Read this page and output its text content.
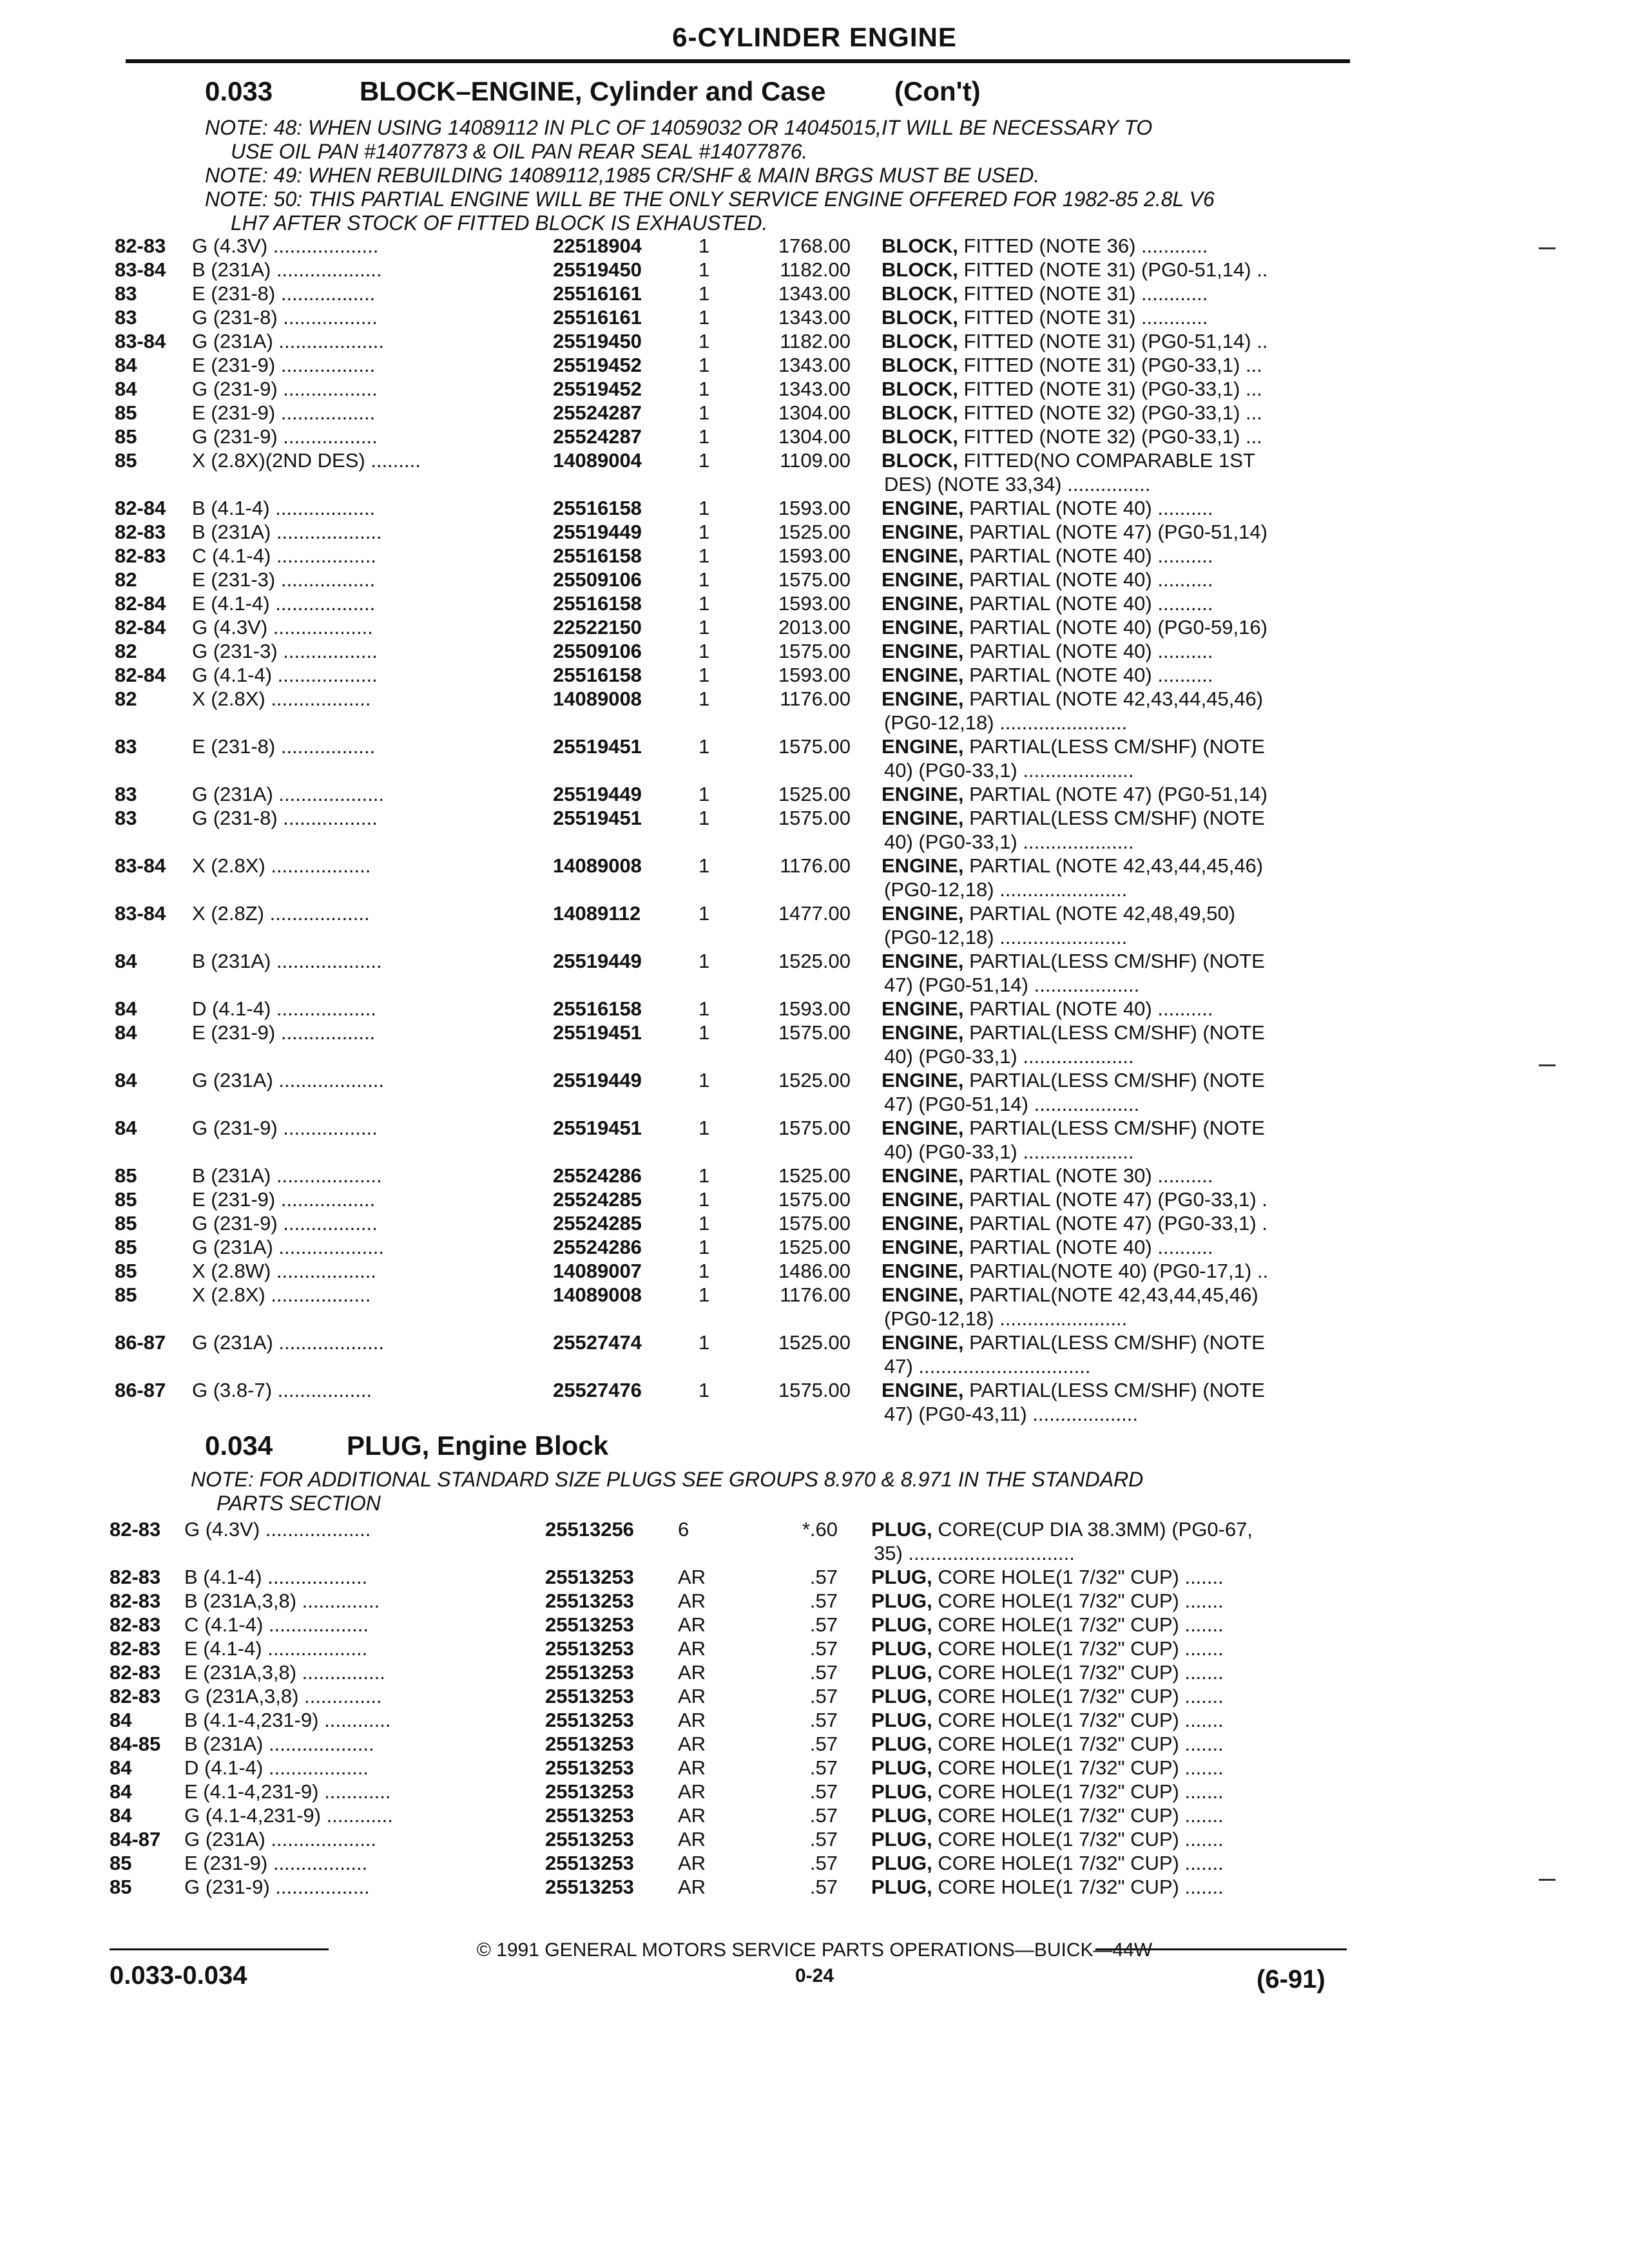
6-CYLINDER ENGINE
0.033	BLOCK–ENGINE, Cylinder and Case	(Con't)
NOTE: 48: WHEN USING 14089112 IN PLC OF 14059032 OR 14045015,IT WILL BE NECESSARY TO
USE OIL PAN #14077873 & OIL PAN REAR SEAL #14077876.
NOTE: 49: WHEN REBUILDING 14089112,1985 CR/SHF & MAIN BRGS MUST BE USED.
NOTE: 50: THIS PARTIAL ENGINE WILL BE THE ONLY SERVICE ENGINE OFFERED FOR 1982-85 2.8L V6
LH7 AFTER STOCK OF FITTED BLOCK IS EXHAUSTED.
82-83 G (4.3V) ...................	22518904	1	1768.00 BLOCK, FITTED (NOTE 36) ............
83-84 B (231A) ...................	25519450	1	1182.00 BLOCK, FITTED (NOTE 31) (PG0-51,14) ..
83	E (231-8) .................	25516161	1	1343.00 BLOCK, FITTED (NOTE 31) ............
83	G (231-8) .................	25516161	1	1343.00 BLOCK, FITTED (NOTE 31) ............
83-84 G (231A) ...................	25519450	1	1182.00 BLOCK, FITTED (NOTE 31) (PG0-51,14) ..
84	E (231-9) .................	25519452	1	1343.00 BLOCK, FITTED (NOTE 31) (PG0-33,1) ...
84	G (231-9) .................	25519452	1	1343.00 BLOCK, FITTED (NOTE 31) (PG0-33,1) ...
85	E (231-9) .................	25524287	1	1304.00 BLOCK, FITTED (NOTE 32) (PG0-33,1) ...
85	G (231-9) .................	25524287	1	1304.00 BLOCK, FITTED (NOTE 32) (PG0-33,1) ...
85	X (2.8X)(2ND DES) .........	14089004	1	1109.00 BLOCK, FITTED(NO COMPARABLE 1ST
DES) (NOTE 33,34) ...............
82-84 B (4.1-4) ..................	25516158	1	1593.00 ENGINE, PARTIAL (NOTE 40) ..........
82-83 B (231A) ...................	25519449	1	1525.00 ENGINE, PARTIAL (NOTE 47) (PG0-51,14)
82-83 C (4.1-4) ..................	25516158	1	1593.00 ENGINE, PARTIAL (NOTE 40) ..........
82	E (231-3) .................	25509106	1	1575.00 ENGINE, PARTIAL (NOTE 40) ..........
82-84 E (4.1-4) ..................	25516158	1	1593.00 ENGINE, PARTIAL (NOTE 40) ..........
82-84 G (4.3V) ..................	22522150	1	2013.00 ENGINE, PARTIAL (NOTE 40) (PG0-59,16)
82	G (231-3) .................	25509106	1	1575.00 ENGINE, PARTIAL (NOTE 40) ..........
82-84 G (4.1-4) ..................	25516158	1	1593.00 ENGINE, PARTIAL (NOTE 40) ..........
82	X (2.8X) ..................	14089008	1	1176.00 ENGINE, PARTIAL (NOTE 42,43,44,45,46)
(PG0-12,18) .......................
83	E (231-8) .................	25519451	1	1575.00 ENGINE, PARTIAL(LESS CM/SHF) (NOTE
40) (PG0-33,1) ....................
83	G (231A) ...................	25519449	1	1525.00 ENGINE, PARTIAL (NOTE 47) (PG0-51,14)
83	G (231-8) .................	25519451	1	1575.00 ENGINE, PARTIAL(LESS CM/SHF) (NOTE
40) (PG0-33,1) ....................
83-84 X (2.8X) ..................	14089008	1	1176.00 ENGINE, PARTIAL (NOTE 42,43,44,45,46)
(PG0-12,18) .......................
83-84 X (2.8Z) ..................	14089112	1	1477.00 ENGINE, PARTIAL (NOTE 42,48,49,50)
(PG0-12,18) .......................
84	B (231A) ...................	25519449	1	1525.00 ENGINE, PARTIAL(LESS CM/SHF) (NOTE
47) (PG0-51,14) ...................
84	D (4.1-4) ..................	25516158	1	1593.00 ENGINE, PARTIAL (NOTE 40) ..........
84	E (231-9) .................	25519451	1	1575.00 ENGINE, PARTIAL(LESS CM/SHF) (NOTE
40) (PG0-33,1) ....................
84	G (231A) ...................	25519449	1	1525.00 ENGINE, PARTIAL(LESS CM/SHF) (NOTE
47) (PG0-51,14) ...................
84	G (231-9) .................	25519451	1	1575.00 ENGINE, PARTIAL(LESS CM/SHF) (NOTE
40) (PG0-33,1) ....................
85	B (231A) ...................	25524286	1	1525.00 ENGINE, PARTIAL (NOTE 30) ..........
85	E (231-9) .................	25524285	1	1575.00 ENGINE, PARTIAL (NOTE 47) (PG0-33,1) .
85	G (231-9) .................	25524285	1	1575.00 ENGINE, PARTIAL (NOTE 47) (PG0-33,1) .
85	G (231A) ...................	25524286	1	1525.00 ENGINE, PARTIAL (NOTE 40) ..........
85	X (2.8W) ..................	14089007	1	1486.00 ENGINE, PARTIAL(NOTE 40) (PG0-17,1) ..
85	X (2.8X) ..................	14089008	1	1176.00 ENGINE, PARTIAL(NOTE 42,43,44,45,46)
(PG0-12,18) .......................
86-87 G (231A) ...................	25527474	1	1525.00 ENGINE, PARTIAL(LESS CM/SHF) (NOTE
47) ...............................
86-87 G (3.8-7) .................	25527476	1	1575.00 ENGINE, PARTIAL(LESS CM/SHF) (NOTE
47) (PG0-43,11) ...................
0.034	PLUG, Engine Block
NOTE: FOR ADDITIONAL STANDARD SIZE PLUGS SEE GROUPS 8.970 & 8.971 IN THE STANDARD
PARTS SECTION
82-83 G (4.3V) ...................	25513256 6	*.60 PLUG, CORE(CUP DIA 38.3MM) (PG0-67,
35) ..............................
82-83 B (4.1-4) ..................	25513253 AR	.57 PLUG, CORE HOLE(1 7/32" CUP) .......
82-83 B (231A,3,8) ..............	25513253 AR	.57 PLUG, CORE HOLE(1 7/32" CUP) .......
82-83 C (4.1-4) ..................	25513253 AR	.57 PLUG, CORE HOLE(1 7/32" CUP) .......
82-83 E (4.1-4) ..................	25513253 AR	.57 PLUG, CORE HOLE(1 7/32" CUP) .......
82-83 E (231A,3,8) ...............	25513253 AR	.57 PLUG, CORE HOLE(1 7/32" CUP) .......
82-83 G (231A,3,8) ..............	25513253 AR	.57 PLUG, CORE HOLE(1 7/32" CUP) .......
84	B (4.1-4,231-9) ............	25513253 AR	.57 PLUG, CORE HOLE(1 7/32" CUP) .......
84-85 B (231A) ...................	25513253 AR	.57 PLUG, CORE HOLE(1 7/32" CUP) .......
84	D (4.1-4) ..................	25513253 AR	.57 PLUG, CORE HOLE(1 7/32" CUP) .......
84	E (4.1-4,231-9) ............	25513253 AR	.57 PLUG, CORE HOLE(1 7/32" CUP) .......
84	G (4.1-4,231-9) ............	25513253 AR	.57 PLUG, CORE HOLE(1 7/32" CUP) .......
84-87 G (231A) ...................	25513253 AR	.57 PLUG, CORE HOLE(1 7/32" CUP) .......
85	E (231-9) .................	25513253 AR	.57 PLUG, CORE HOLE(1 7/32" CUP) .......
85	G (231-9) .................	25513253 AR	.57 PLUG, CORE HOLE(1 7/32" CUP) .......
© 1991 GENERAL MOTORS SERVICE PARTS OPERATIONS—BUICK—44W
0.033-0.034	0-24	(6-91)
